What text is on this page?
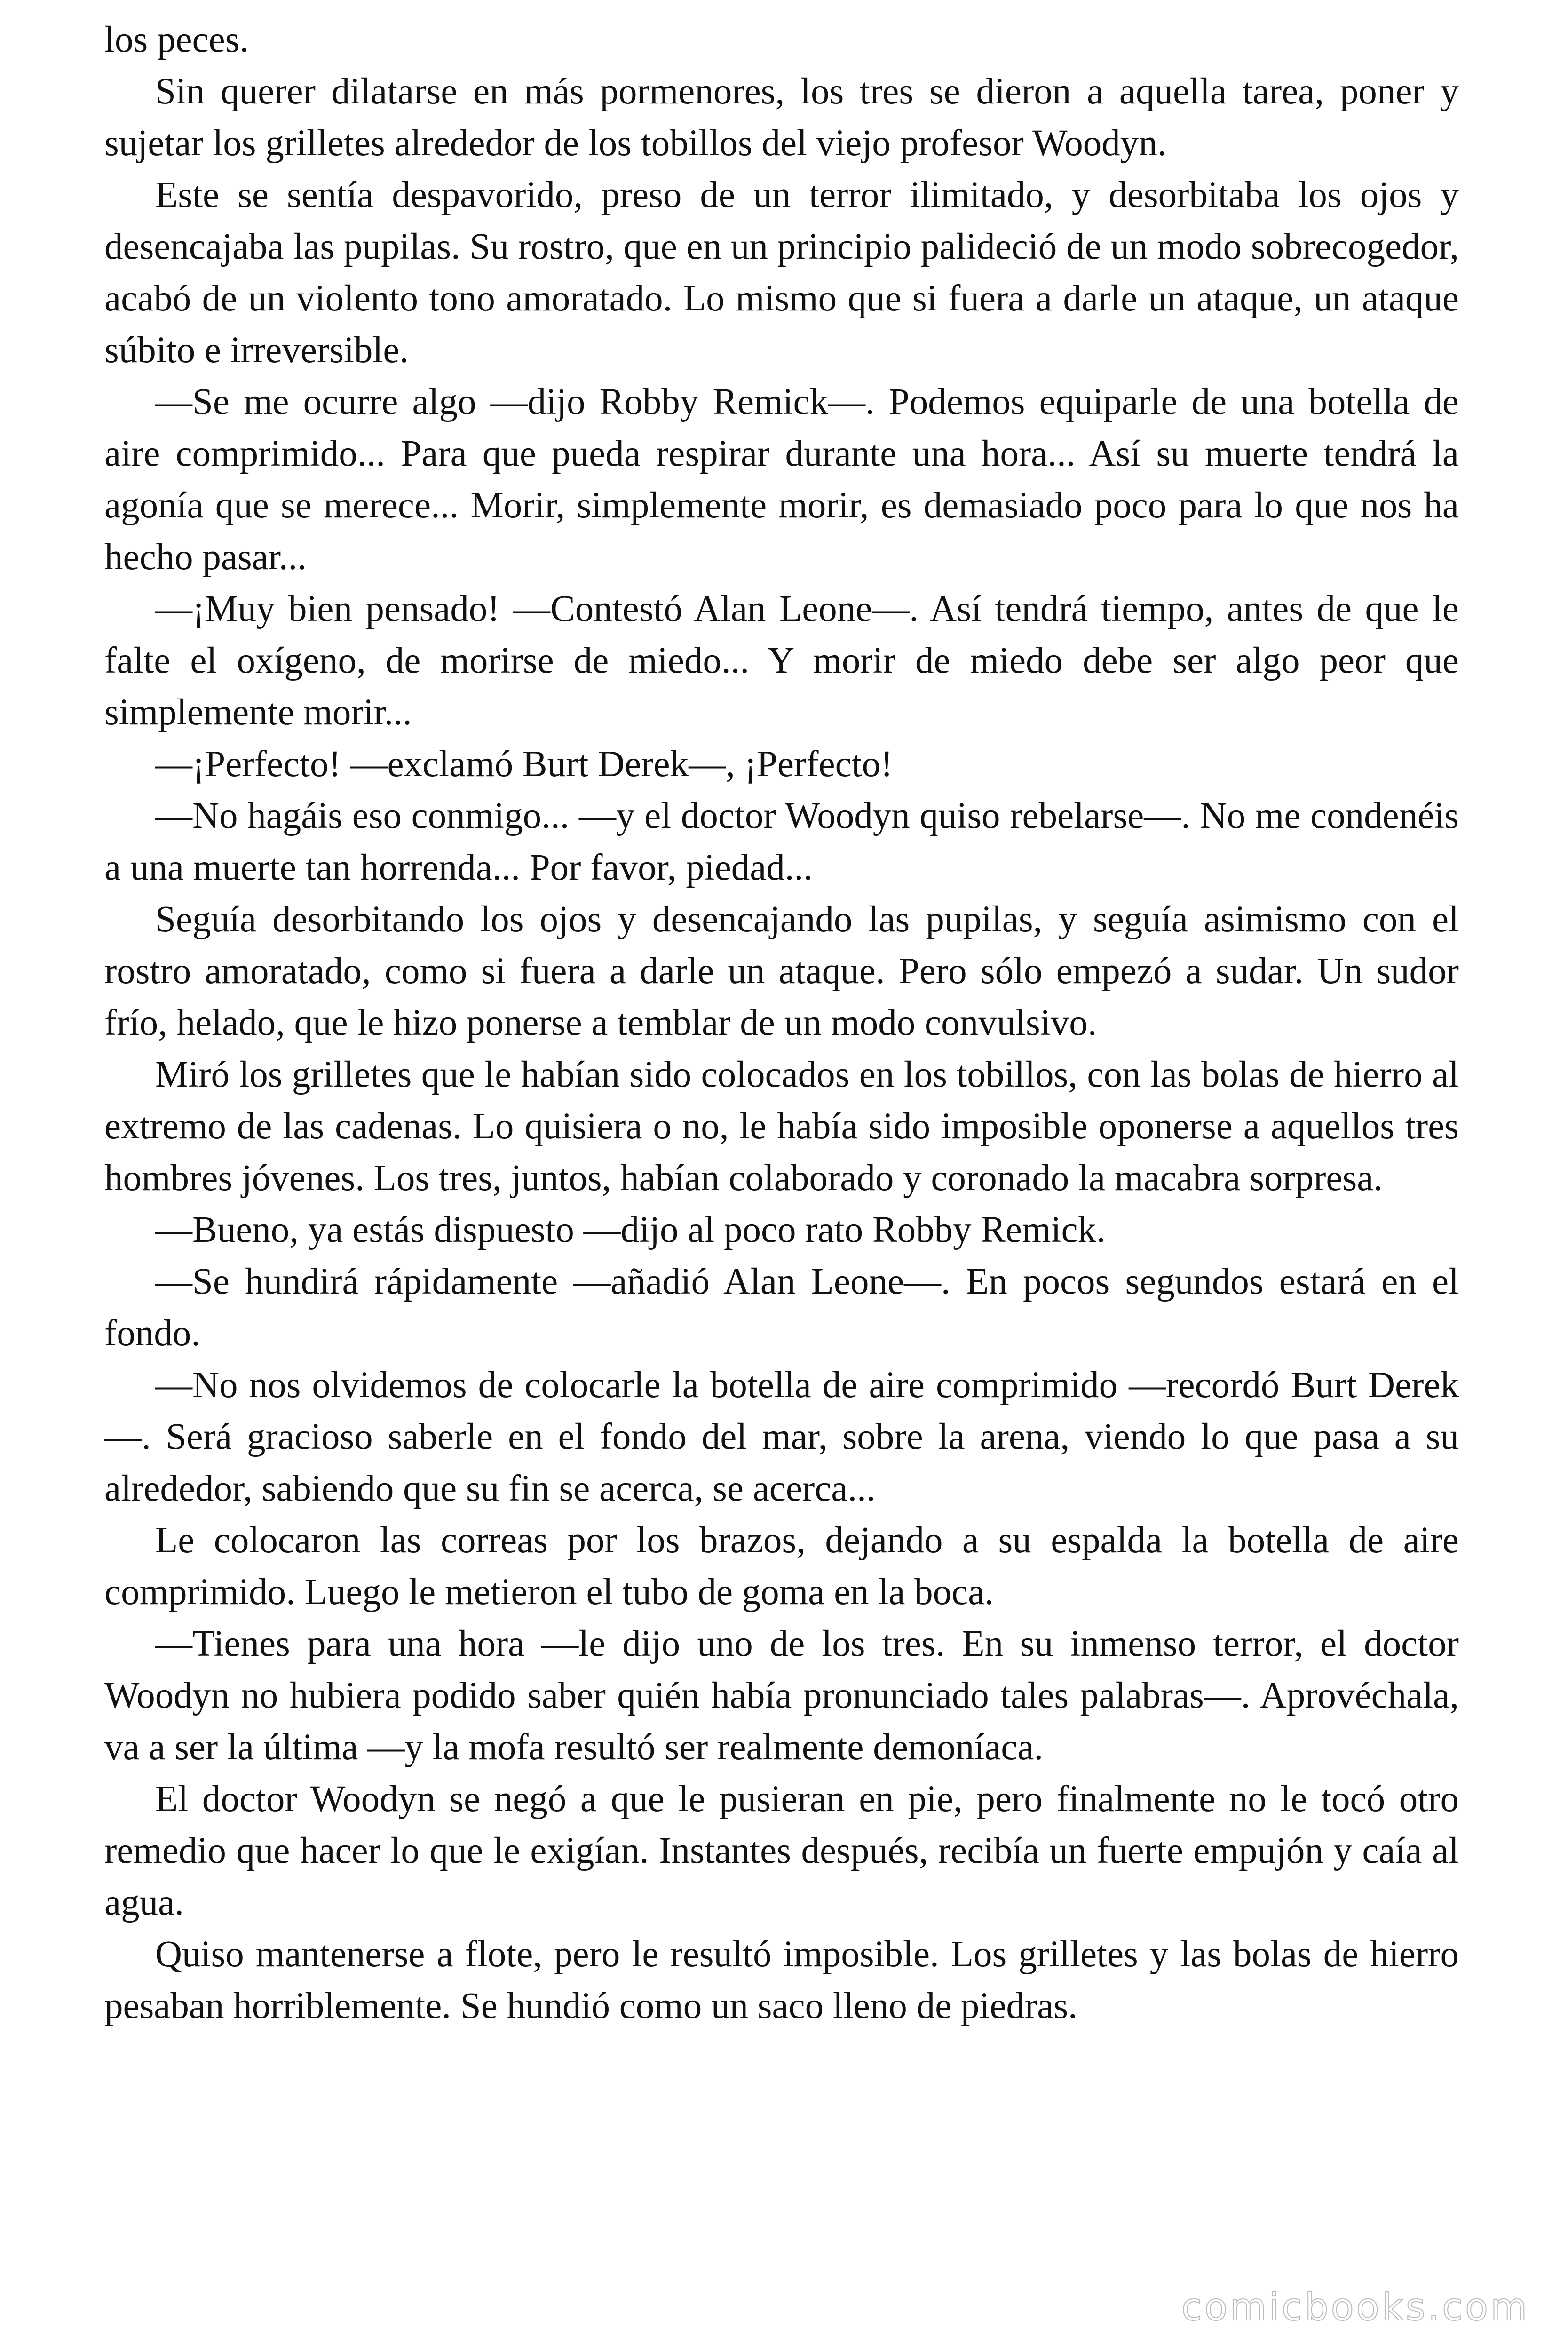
los peces.

Sin querer dilatarse en más pormenores, los tres se dieron a aquella tarea, poner y sujetar los grilletes alrededor de los tobillos del viejo profesor Woodyn.

Este se sentía despavorido, preso de un terror ilimitado, y desorbitaba los ojos y desencajaba las pupilas. Su rostro, que en un principio palideció de un modo sobrecogedor, acabó de un violento tono amoratado. Lo mismo que si fuera a darle un ataque, un ataque súbito e irreversible.

—Se me ocurre algo —dijo Robby Remick—. Podemos equiparle de una botella de aire comprimido... Para que pueda respirar durante una hora... Así su muerte tendrá la agonía que se merece... Morir, simplemente morir, es demasiado poco para lo que nos ha hecho pasar...

—¡Muy bien pensado! —Contestó Alan Leone—. Así tendrá tiempo, antes de que le falte el oxígeno, de morirse de miedo... Y morir de miedo debe ser algo peor que simplemente morir...

—¡Perfecto! —exclamó Burt Derek—, ¡Perfecto!

—No hagáis eso conmigo... —y el doctor Woodyn quiso rebelarse—. No me condenéis a una muerte tan horrenda... Por favor, piedad...

Seguía desorbitando los ojos y desencajando las pupilas, y seguía asimismo con el rostro amoratado, como si fuera a darle un ataque. Pero sólo empezó a sudar. Un sudor frío, helado, que le hizo ponerse a temblar de un modo convulsivo.

Miró los grilletes que le habían sido colocados en los tobillos, con las bolas de hierro al extremo de las cadenas. Lo quisiera o no, le había sido imposible oponerse a aquellos tres hombres jóvenes. Los tres, juntos, habían colaborado y coronado la macabra sorpresa.

—Bueno, ya estás dispuesto —dijo al poco rato Robby Remick.

—Se hundirá rápidamente —añadió Alan Leone—. En pocos segundos estará en el fondo.

—No nos olvidemos de colocarle la botella de aire comprimido —recordó Burt Derek—. Será gracioso saberle en el fondo del mar, sobre la arena, viendo lo que pasa a su alrededor, sabiendo que su fin se acerca, se acerca...

Le colocaron las correas por los brazos, dejando a su espalda la botella de aire comprimido. Luego le metieron el tubo de goma en la boca.

—Tienes para una hora —le dijo uno de los tres. En su inmenso terror, el doctor Woodyn no hubiera podido saber quién había pronunciado tales palabras—. Aprovéchala, va a ser la última —y la mofa resultó ser realmente demoníaca.

El doctor Woodyn se negó a que le pusieran en pie, pero finalmente no le tocó otro remedio que hacer lo que le exigían. Instantes después, recibía un fuerte empujón y caía al agua.

Quiso mantenerse a flote, pero le resultó imposible. Los grilletes y las bolas de hierro pesaban horriblemente. Se hundió como un saco lleno de piedras.

comicbooks.com
